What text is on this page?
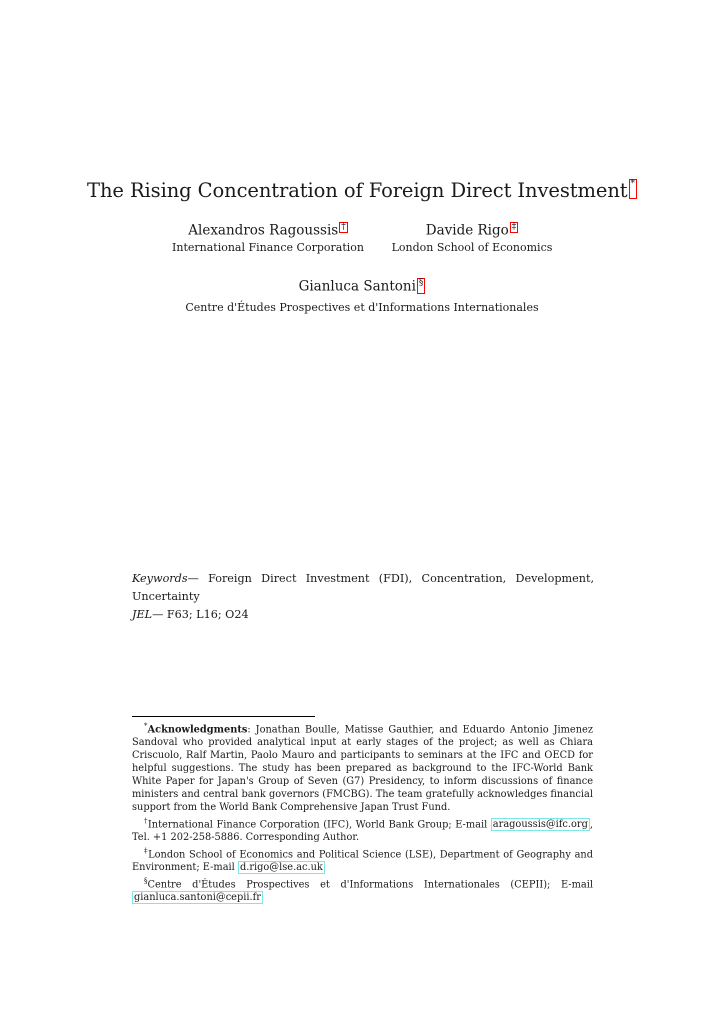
The Rising Concentration of Foreign Direct Investment *
Alexandros Ragoussis †
International Finance Corporation
Davide Rigo ‡
London School of Economics
Gianluca Santoni §
Centre d'Études Prospectives et d'Informations Internationales
Keywords— Foreign Direct Investment (FDI), Concentration, Development, Uncertainty
JEL— F63; L16; O24

*Acknowledgments: Jonathan Boulle, Matisse Gauthier, and Eduardo Antonio Jimenez Sandoval who provided analytical input at early stages of the project; as well as Chiara Criscuolo, Ralf Martin, Paolo Mauro and participants to seminars at the IFC and OECD for helpful suggestions. The study has been prepared as background to the IFC-World Bank White Paper for Japan's Group of Seven (G7) Presidency, to inform discussions of finance ministers and central bank governors (FMCBG). The team gratefully acknowledges financial support from the World Bank Comprehensive Japan Trust Fund.

†International Finance Corporation (IFC), World Bank Group; E-mail aragoussis@ifc.org , Tel. +1 202-258-5886. Corresponding Author.

‡London School of Economics and Political Science (LSE), Department of Geography and Environment; E-mail d.rigo@lse.ac.uk

§Centre d'Études Prospectives et d'Informations Internationales (CEPII); E-mail gianluca.santoni@cepii.fr
